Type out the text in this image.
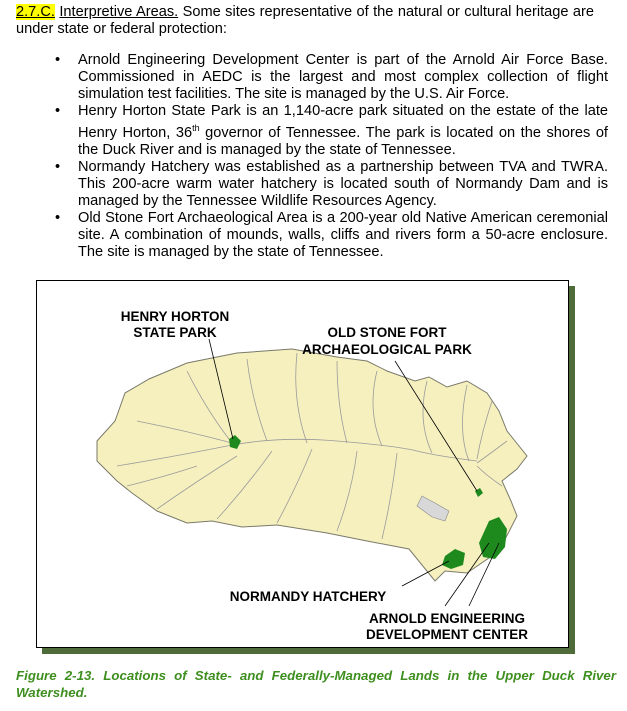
2.7.C. Interpretive Areas. Some sites representative of the natural or cultural heritage are under state or federal protection:
• Arnold Engineering Development Center is part of the Arnold Air Force Base. Commissioned in AEDC is the largest and most complex collection of flight simulation test facilities. The site is managed by the U.S. Air Force.
• Henry Horton State Park is an 1,140-acre park situated on the estate of the late Henry Horton, 36th governor of Tennessee. The park is located on the shores of the Duck River and is managed by the state of Tennessee.
• Normandy Hatchery was established as a partnership between TVA and TWRA. This 200-acre warm water hatchery is located south of Normandy Dam and is managed by the Tennessee Wildlife Resources Agency.
• Old Stone Fort Archaeological Area is a 200-year old Native American ceremonial site. A combination of mounds, walls, cliffs and rivers form a 50-acre enclosure. The site is managed by the state of Tennessee.
HENRY HORTON
STATE PARK	OLD STONE FORT
ARCHAEOLOGICAL PARK
NORMANDY HATCHERY
ARNOLD ENGINEERING
DEVELOPMENT CENTER
Figure 2-13. Locations of State- and Federally-Managed Lands in the Upper Duck River Watershed.
